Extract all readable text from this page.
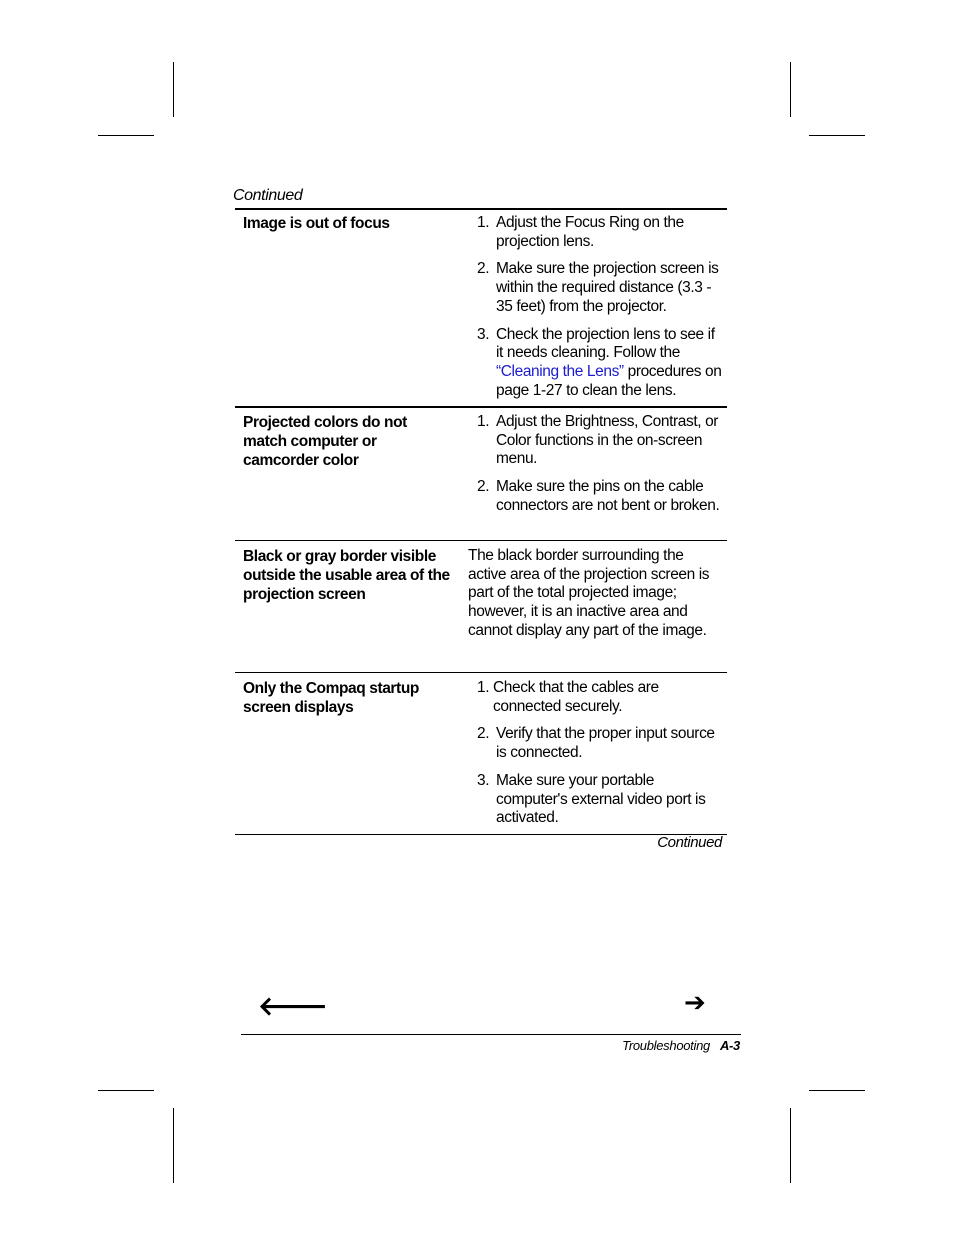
Continued
Image is out of focus	1. Adjust the Focus Ring on the projection lens.
2. Make sure the projection screen is within the required distance (3.3 - 35 feet) from the projector.
3. Check the projection lens to see if it needs cleaning. Follow the “Cleaning the Lens” procedures on page 1-27 to clean the lens.
Projected colors do not match computer or camcorder color
1. Adjust the Brightness, Contrast, or Color functions in the on-screen menu.
2. Make sure the pins on the cable connectors are not bent or broken.
Black or gray border visible outside the usable area of the projection screen
The black border surrounding the active area of the projection screen is part of the total projected image; however, it is an inactive area and cannot display any part of the image.
Only the Compaq startup screen displays
1. Check that the cables are connected securely.
2. Verify that the proper input source is connected.
3. Make sure your portable computer's external video port is activated.
Continued
🡐	➔
Troubleshooting A-3
